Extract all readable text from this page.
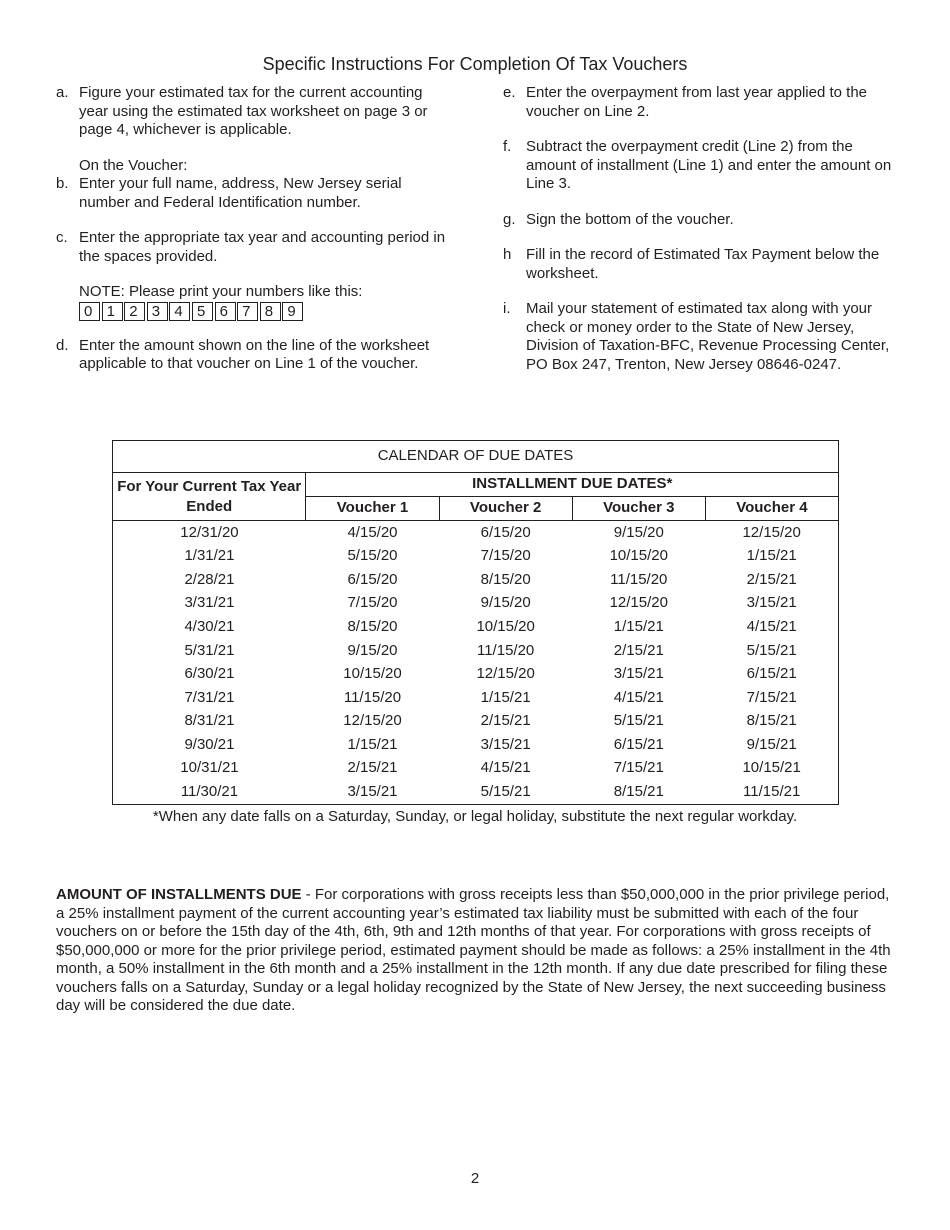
Specific Instructions For Completion Of Tax Vouchers
a. Figure your estimated tax for the current accounting year using the estimated tax worksheet on page 3 or page 4, whichever is applicable.
On the Voucher:
b. Enter your full name, address, New Jersey serial number and Federal Identification number.
c. Enter the appropriate tax year and accounting period in the spaces provided.
NOTE: Please print your numbers like this:
0 1 2 3 4 5 6 7 8 9
d. Enter the amount shown on the line of the worksheet applicable to that voucher on Line 1 of the voucher.
e. Enter the overpayment from last year applied to the voucher on Line 2.
f. Subtract the overpayment credit (Line 2) from the amount of installment (Line 1) and enter the amount on Line 3.
g. Sign the bottom of the voucher.
h Fill in the record of Estimated Tax Payment below the worksheet.
i.	Mail your statement of estimated tax along with your check or money order to the State of New Jersey, Division of Taxation-BFC, Revenue Processing Center, PO Box 247, Trenton, New Jersey 08646-0247.
CALENDAR OF DUE DATES				
For Your Current Tax Year Ended	INSTALLMENT DUE DATES*			
	Voucher 1	Voucher 2	Voucher 3	Voucher 4
12/31/20	4/15/20	6/15/20	9/15/20	12/15/20
1/31/21	5/15/20	7/15/20	10/15/20	1/15/21
2/28/21	6/15/20	8/15/20	11/15/20	2/15/21
3/31/21	7/15/20	9/15/20	12/15/20	3/15/21
4/30/21	8/15/20	10/15/20	1/15/21	4/15/21
5/31/21	9/15/20	11/15/20	2/15/21	5/15/21
6/30/21	10/15/20	12/15/20	3/15/21	6/15/21
7/31/21	11/15/20	1/15/21	4/15/21	7/15/21
8/31/21	12/15/20	2/15/21	5/15/21	8/15/21
9/30/21	1/15/21	3/15/21	6/15/21	9/15/21
10/31/21	2/15/21	4/15/21	7/15/21	10/15/21
11/30/21	3/15/21	5/15/21	8/15/21	11/15/21
*When any date falls on a Saturday, Sunday, or legal holiday, substitute the next regular workday.
AMOUNT OF INSTALLMENTS DUE - For corporations with gross receipts less than $50,000,000 in the prior privilege period, a 25% installment payment of the current accounting year’s estimated tax liability must be submitted with each of the four vouchers on or before the 15th day of the 4th, 6th, 9th and 12th months of that year. For corporations with gross receipts of $50,000,000 or more for the prior privilege period, estimated payment should be made as follows: a 25% installment in the 4th month, a 50% installment in the 6th month and a 25% installment in the 12th month. If any due date prescribed for filing these vouchers falls on a Saturday, Sunday or a legal holiday recognized by the State of New Jersey, the next succeeding business day will be considered the due date.
2
